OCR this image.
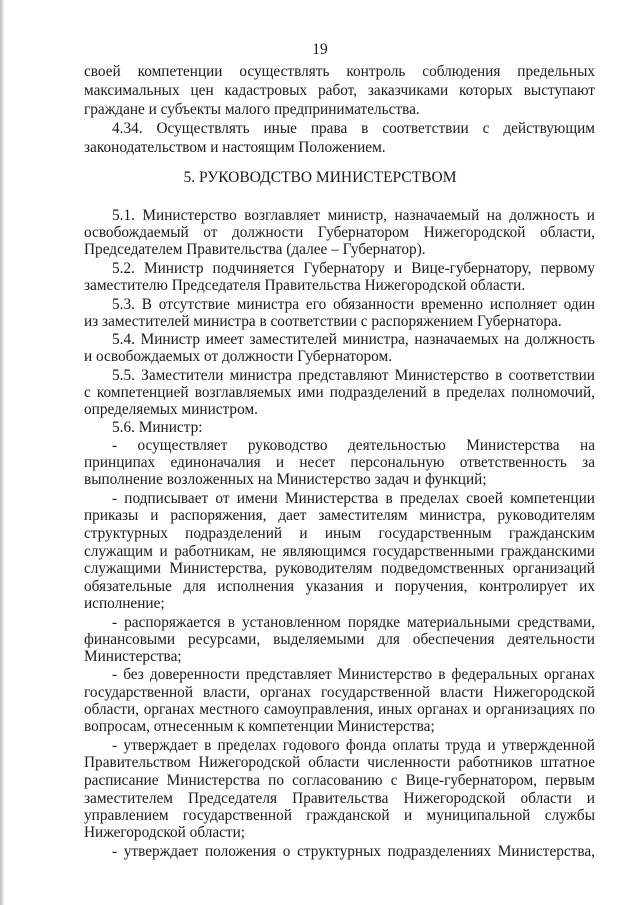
19
своей компетенции осуществлять контроль соблюдения предельных
максимальных цен кадастровых работ, заказчиками которых выступают
граждане и субъекты малого предпринимательства.
4.34. Осуществлять иные права в соответствии с действующим
законодательством и настоящим Положением.
5. РУКОВОДСТВО МИНИСТЕРСТВОМ
5.1. Министерство возглавляет министр, назначаемый на должность и
освобождаемый от должности Губернатором Нижегородской области,
Председателем Правительства (далее – Губернатор).
5.2. Министр подчиняется Губернатору и Вице-губернатору, первому
заместителю Председателя Правительства Нижегородской области.
5.3. В отсутствие министра его обязанности временно исполняет один
из заместителей министра в соответствии с распоряжением Губернатора.
5.4. Министр имеет заместителей министра, назначаемых на должность
и освобождаемых от должности Губернатором.
5.5. Заместители министра представляют Министерство в соответствии
с компетенцией возглавляемых ими подразделений в пределах полномочий,
определяемых министром.
5.6. Министр:
- осуществляет руководство деятельностью Министерства на
принципах единоначалия и несет персональную ответственность за
выполнение возложенных на Министерство задач и функций;
- подписывает от имени Министерства в пределах своей компетенции
приказы и распоряжения, дает заместителям министра, руководителям
структурных подразделений и иным государственным гражданским
служащим и работникам, не являющимся государственными гражданскими
служащими Министерства, руководителям подведомственных организаций
обязательные для исполнения указания и поручения, контролирует их
исполнение;
- распоряжается в установленном порядке материальными средствами,
финансовыми ресурсами, выделяемыми для обеспечения деятельности
Министерства;
- без доверенности представляет Министерство в федеральных органах
государственной власти, органах государственной власти Нижегородской
области, органах местного самоуправления, иных органах и организациях по
вопросам, отнесенным к компетенции Министерства;
- утверждает в пределах годового фонда оплаты труда и утвержденной
Правительством Нижегородской области численности работников штатное
расписание Министерства по согласованию с Вице-губернатором, первым
заместителем Председателя Правительства Нижегородской области и
управлением государственной гражданской и муниципальной службы
Нижегородской области;
- утверждает положения о структурных подразделениях Министерства,
